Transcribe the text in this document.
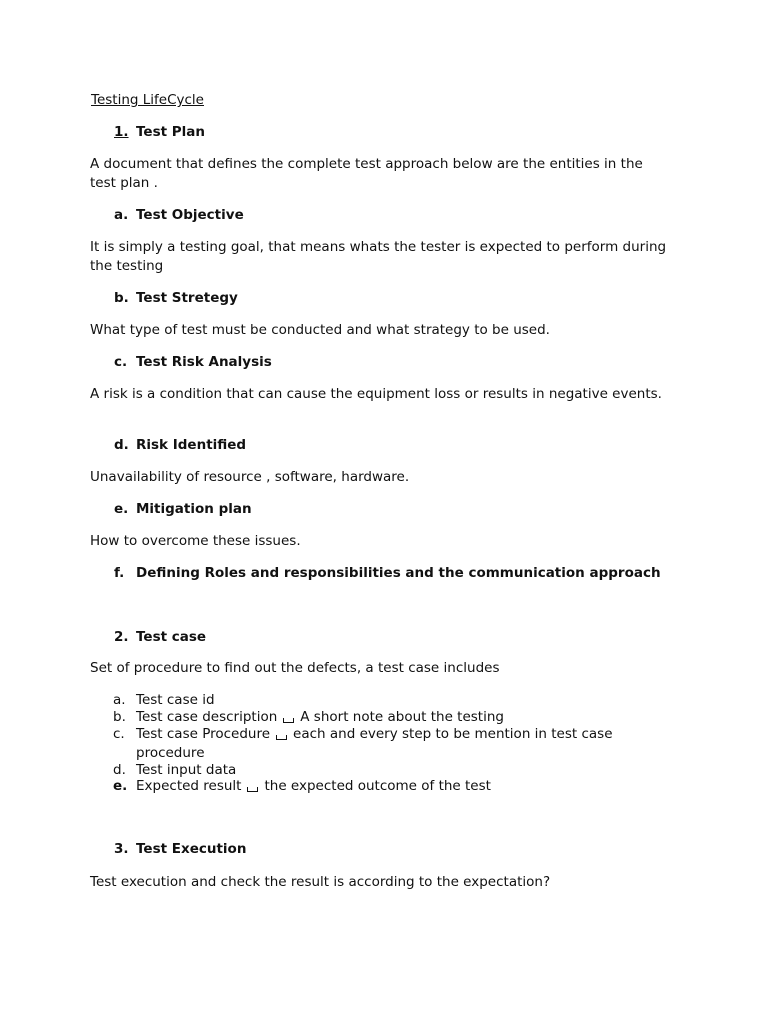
Testing LifeCycle
1. Test Plan
A document that defines the complete test approach below are the entities in the test plan .
a. Test Objective
It is simply a testing goal, that means whats the tester is expected to perform during the testing
b. Test Stretegy
What type of test must be conducted and what strategy to be used.
c. Test Risk Analysis
A risk is a condition that can cause the equipment loss or results in negative events.
d. Risk Identified
Unavailability of resource , software, hardware.
e. Mitigation plan
How to overcome these issues.
f. Defining Roles and responsibilities and the communication approach
2. Test case
Set of procedure to find out the defects, a test case includes
a. Test case id
b. Test case description A short note about the testing
c. Test case Procedure each and every step to be mention in test case
procedure
d. Test input data
e. Expected result the expected outcome of the test
3. Test Execution
Test execution and check the result is according to the expectation?
